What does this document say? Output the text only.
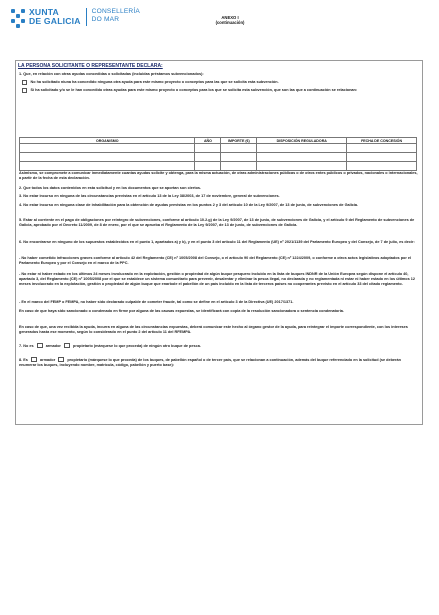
XUNTA
DE GALICIA
CONSELLERÍA
DO MAR	ANEXO I
(continuación)
LA PERSONA SOLICITANTE O REPRESENTANTE DECLARA:
1. Que, en relación con otras ayudas concedidas o solicitadas (incluidas préstamos subvencionados):
No ha solicitado niuna ha concedido ninguna otra ayuda para este mismo proyecto o conceptos para las que se solicita esta subvención.
Sí ha solicitado y/o se le han concedido otras ayudas para este mismo proyecto o conceptos para los que se solicita esta subvención, que son las que a continuación se relacionan:
ORGANISMO	AÑO	IMPORTE (€)	DISPOSICIÓN REGULADORA	FECHA DE CONCESIÓN

Asimismo, se compromete a comunicar inmediatamente cuantas ayudas solicite y obtenga, para la misma actuación, de otras administraciones públicas o de otros entes públicos o privados, nacionales o internacionales, a partir de la fecha de esta declaración.
2. Que todos los datos contenidos en esta solicitud y en los documentos que se aportan son ciertos.
3. No estar incurso en ninguna de las circunstancias previstas en el artículo 13 de la Ley 38/2003, de 17 de noviembre, general de subvenciones.
4. No estar incurso en ninguna clase de inhabilitación para la obtención de ayudas previstas en los puntos 2 y 3 del artículo 10 de la Ley 9/2007, de 13 de junio, de subvenciones de Galicia.
5. Estar al corriente en el pago de obligaciones por reintegro de subvenciones, conforme al artículo 10.2.g) de la Ley 9/2007, de 13 de junio, de subvenciones de Galicia, y el artículo 9 del Reglamento de subvenciones de Galicia, aprobado por el Decreto 11/2009, de 8 de enero, por el que se aprueba el Reglamento de la Ley 9/2007, de 13 de junio, de subvenciones de Galicia.
6. No encontrarse en ninguno de los supuestos establecidos en el punto 1, apartados a) y b), y en el punto 3 del artículo 11 del Reglamento (UE) nº 2021/1139 del Parlamento Europeo y del Consejo, de 7 de julio, es decir:
- No haber cometido infracciones graves conforme al artículo 42 del Reglamento (CE) nº 1005/2008 del Consejo, o el artículo 90 del Reglamento (CE) nº 1224/2009, o conforme a otros actos legislativos adoptados por el Parlamento Europeo y por el Consejo en el marco de la PPC.
- No estar ni haber estado en los últimos 24 meses involucrado en la explotación, gestión o propiedad de algún buque pesquero incluido en la lista de buques INDNR de la Unión Europea según dispone el artículo 40, apartado 3, del Reglamento (CE) nº 1005/2008 por el que se establece un sistema comunitario para prevenir, desalentar y eliminar la pesca ilegal, no declarada y no reglamentada ni estar ni haber estado en los últimos 12 meses involucrado en la explotación, gestión o propiedad de algún buque que enarbole el pabellón de un país incluido en la lista de terceros países no cooperantes previsto en el artículo 33 del citado reglamento.
- En el marco del FEMP o FEMPA, no haber sido declarado culpable de cometer fraude, tal como se define en el artículo 3 de la Directiva (UE) 2017/1371.
En caso de que haya sido sancionado o condenado en firme por alguna de las causas expuestas, se identificará con copia de la resolución sancionadora o sentencia condenatoria.
En caso de que, una vez recibida la ayuda, incurra en alguna de las circunstancias expuestas, deberá comunicar este hecho al órgano gestor de la ayuda, para reintegrar el importe correspondiente, con los intereses generados hasta ese momento, según lo considerado en el punto 2 del artículo 11 del RFEMPA.
7. No es	armador	propietario (márquese lo que proceda) de ningún otro buque de pesca.
8. Es	armador	propietario (márquese lo que proceda) de los buques, de pabellón español o de tercer país, que se relacionan a continuación, además del buque referenciado en la solicitud (se deberán enumerar los buques, incluyendo nombre, matrícula, código, pabellón y puerto base):
